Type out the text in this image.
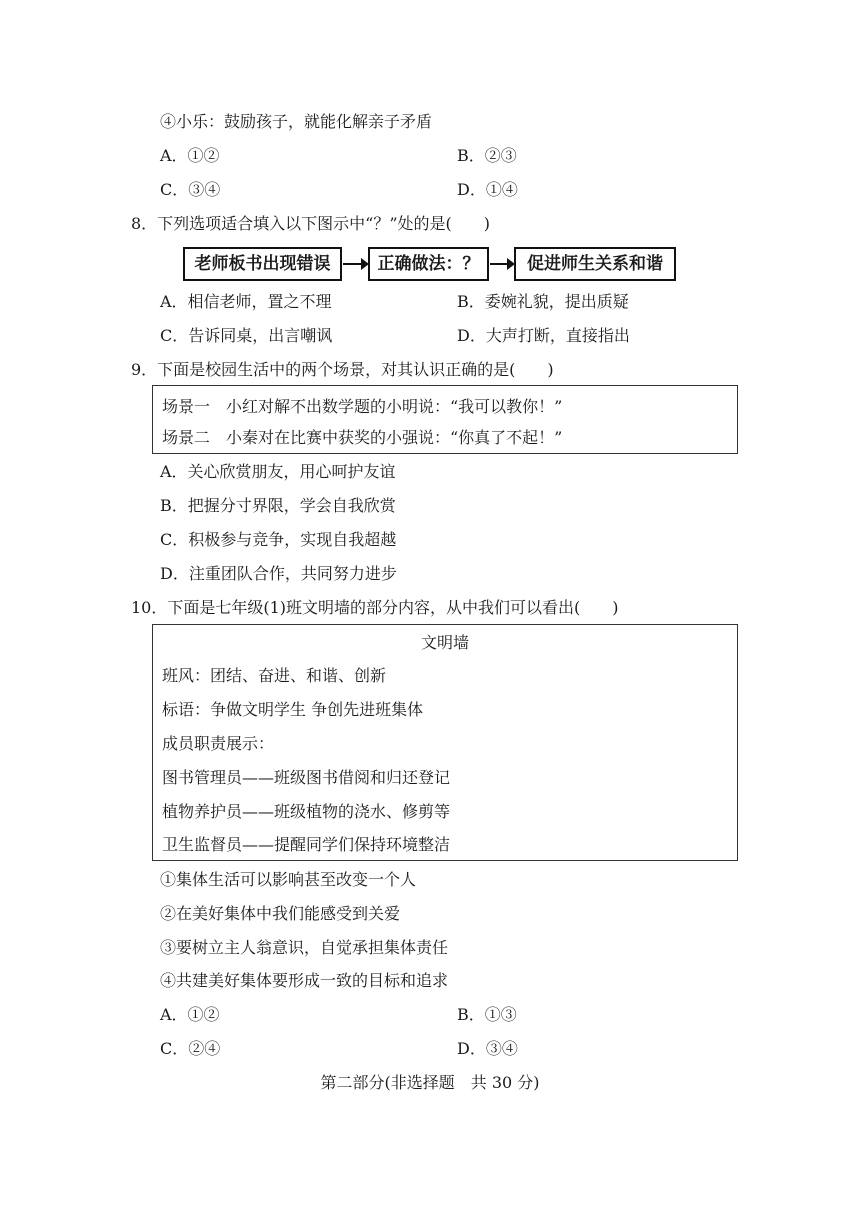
④小乐：鼓励孩子，就能化解亲子矛盾
A．①②	B．②③
C．③④	D．①④
8．下列选项适合填入以下图示中“？”处的是(　　)
老师板书出现错误	正确做法：？	促进师生关系和谐
A．相信老师，置之不理	B．委婉礼貌，提出质疑
C．告诉同桌，出言嘲讽	D．大声打断，直接指出
9．下面是校园生活中的两个场景，对其认识正确的是(　　)
场景一　小红对解不出数学题的小明说：“我可以教你！”
场景二　小秦对在比赛中获奖的小强说：“你真了不起！”
A．关心欣赏朋友，用心呵护友谊
B．把握分寸界限，学会自我欣赏
C．积极参与竞争，实现自我超越
D．注重团队合作，共同努力进步
10．下面是七年级(1)班文明墙的部分内容，从中我们可以看出(　　)
文明墙
班风：团结、奋进、和谐、创新
标语：争做文明学生 争创先进班集体
成员职责展示：
图书管理员——班级图书借阅和归还登记
植物养护员——班级植物的浇水、修剪等
卫生监督员——提醒同学们保持环境整洁
①集体生活可以影响甚至改变一个人
②在美好集体中我们能感受到关爱
③要树立主人翁意识，自觉承担集体责任
④共建美好集体要形成一致的目标和追求
A．①②	B．①③
C．②④	D．③④
第二部分(非选择题　共 30 分)
